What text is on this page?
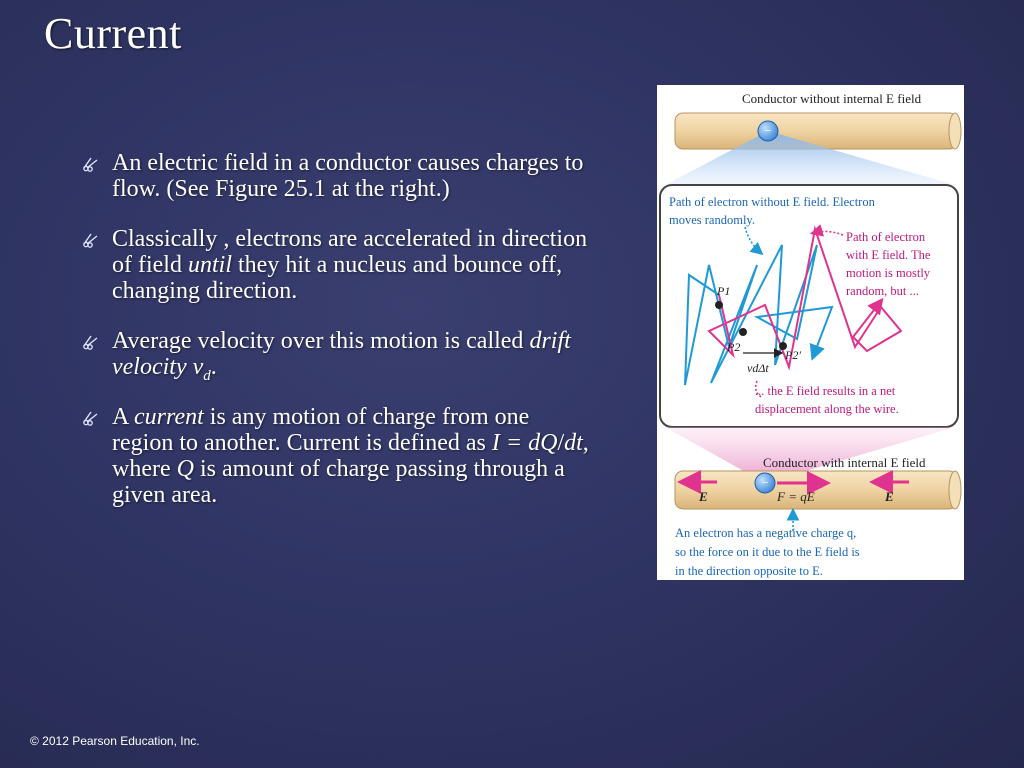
Current
An electric field in a conductor causes charges to flow. (See Figure 25.1 at the right.)
Classically , electrons are accelerated in direction of field until they hit a nucleus and bounce off, changing direction.
Average velocity over this motion is called drift velocity $v_d$.
A current is any motion of charge from one region to another. Current is defined as I = dQ/dt, where Q is amount of charge passing through a given area.
Conductor without internal E field
−
Path of electron without E field. Electron
moves randomly.
Path of electron
with E field. The
motion is mostly
random, but ...
P1
P2
P2′
vdΔt
... the E field results in a net
displacement along the wire.
Conductor with internal E field
E
−
F = qE	E
An electron has a negative charge q,
so the force on it due to the E field is
in the direction opposite to E.
© 2012 Pearson Education, Inc.
